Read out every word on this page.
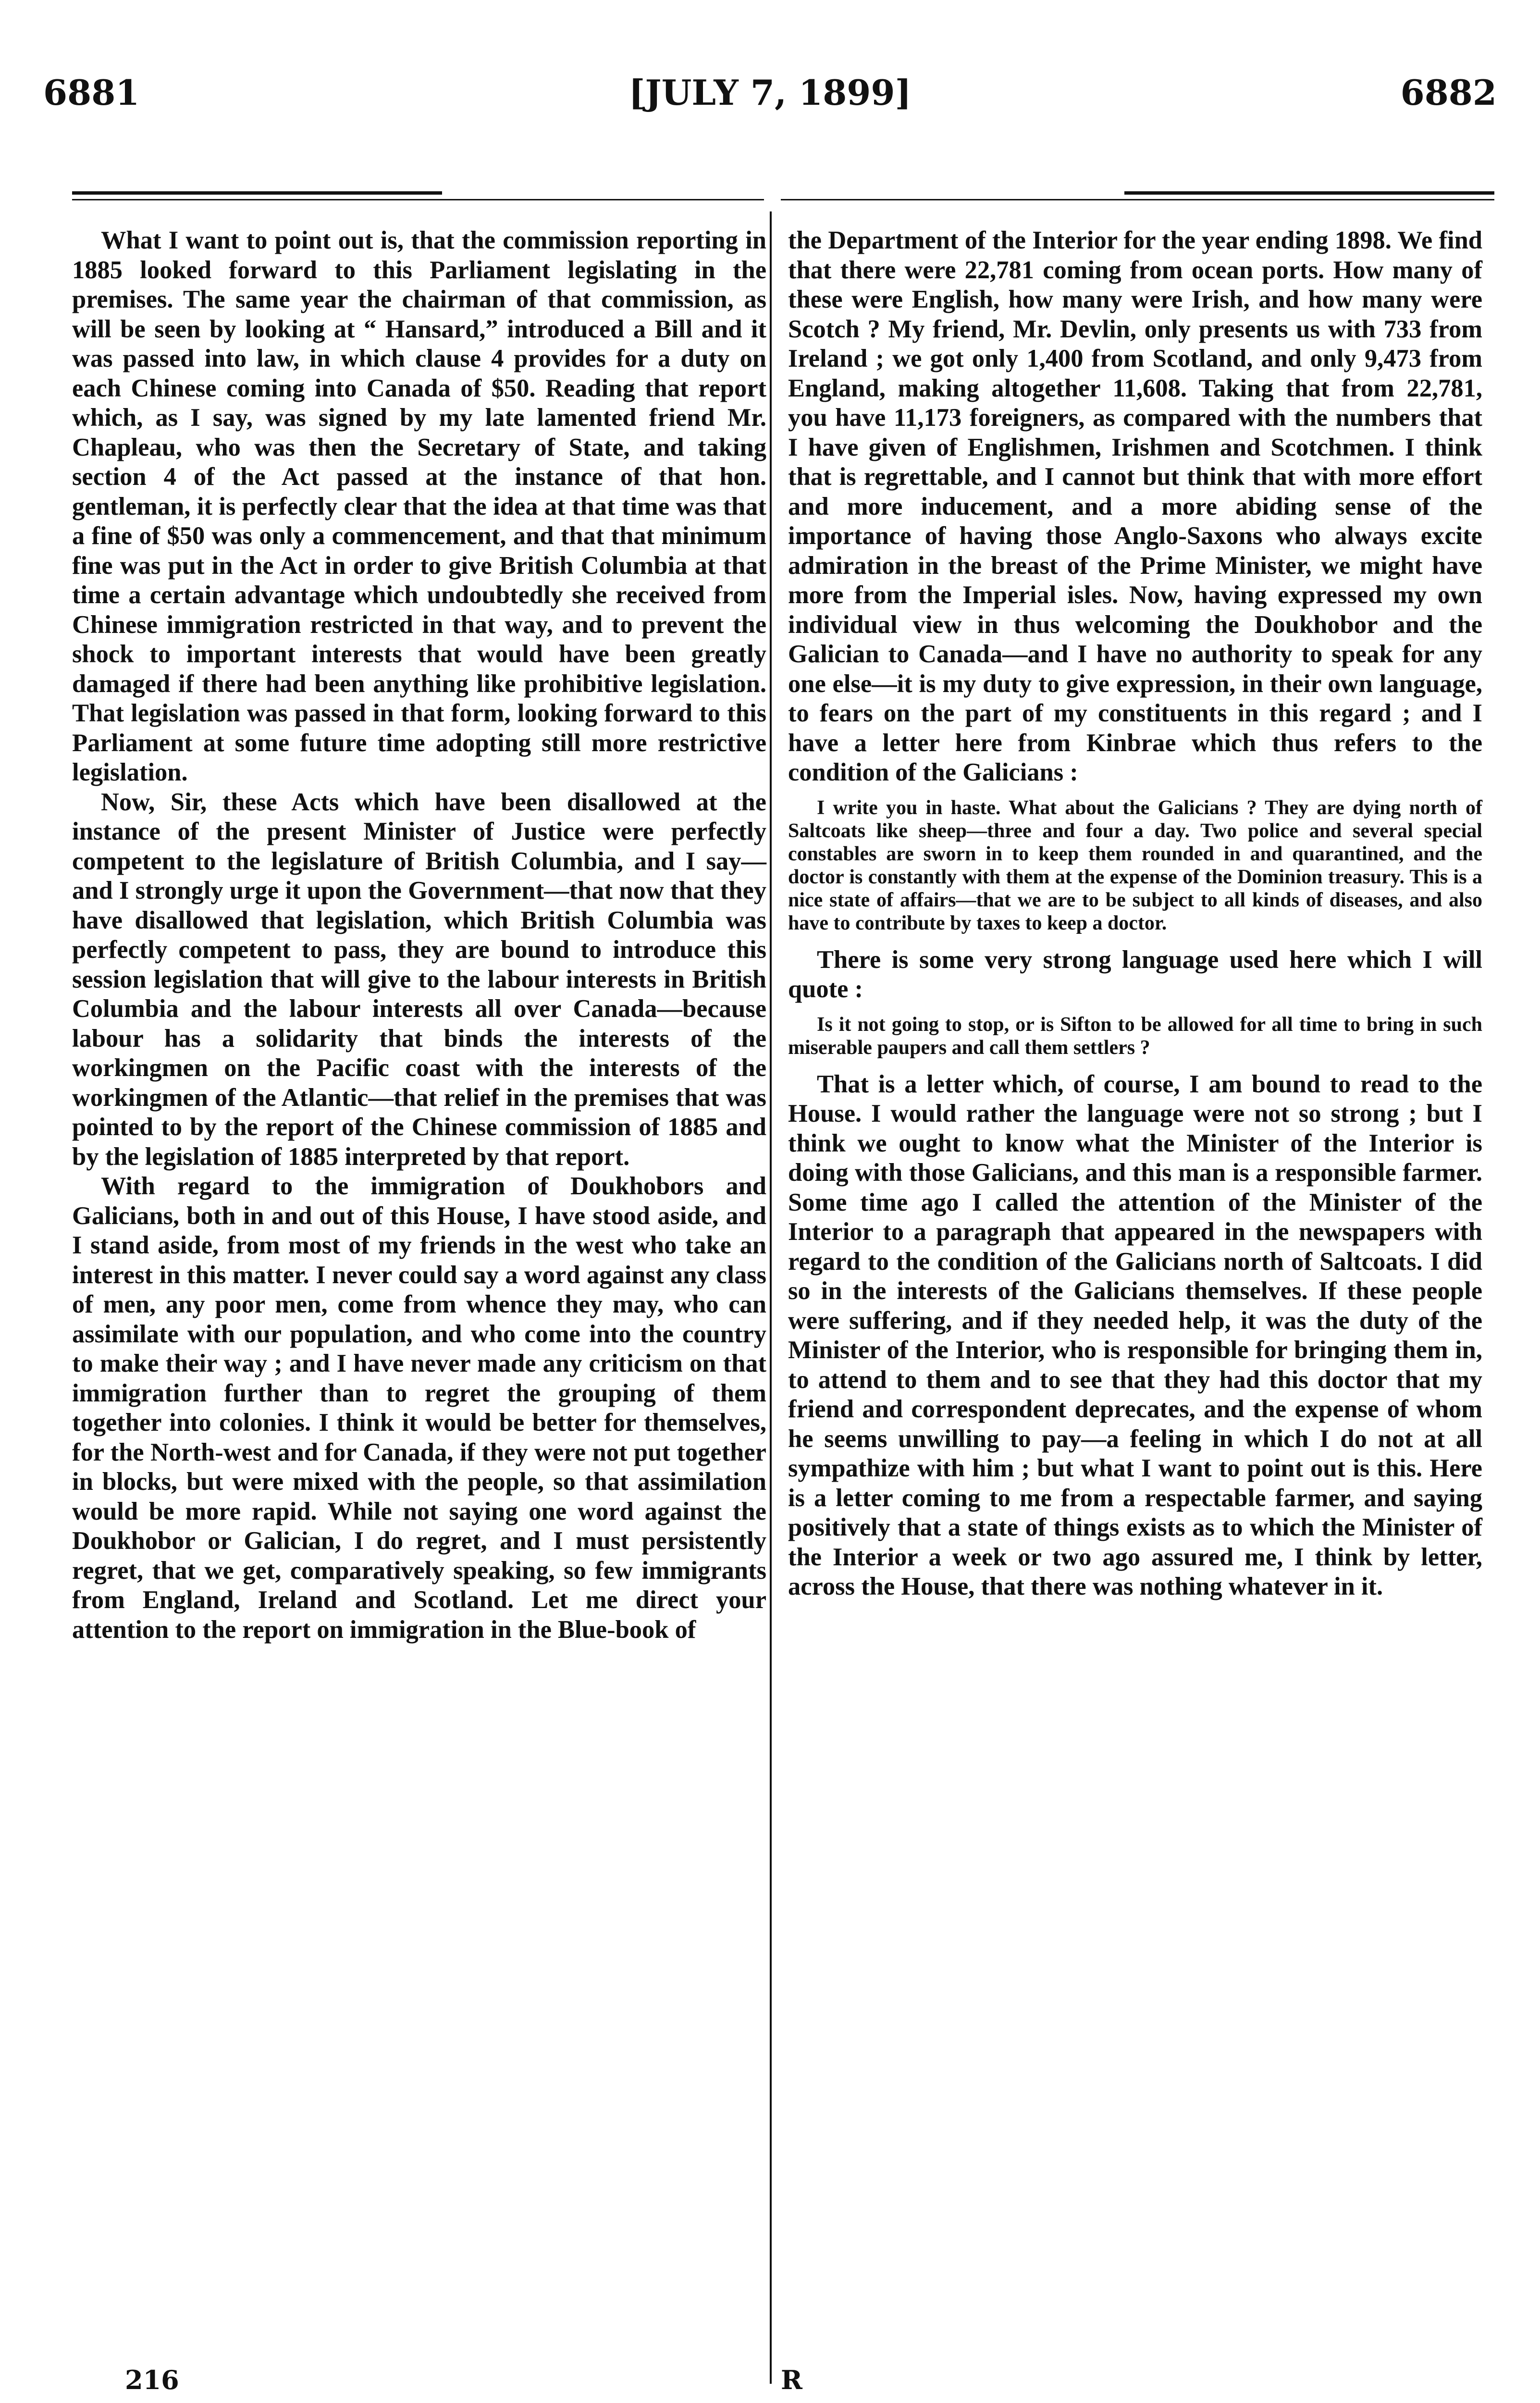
6881	[JULY 7, 1899]	6882

What I want to point out is, that the commission reporting in 1885 looked forward to this Parliament legislating in the premises. The same year the chairman of that commission, as will be seen by looking at “ Hansard,” introduced a Bill and it was passed into law, in which clause 4 provides for a duty on each Chinese coming into Canada of $50. Reading that report which, as I say, was signed by my late lamented friend Mr. Chapleau, who was then the Secretary of State, and taking section 4 of the Act passed at the instance of that hon. gentleman, it is perfectly clear that the idea at that time was that a fine of $50 was only a commencement, and that that minimum fine was put in the Act in order to give British Columbia at that time a certain advantage which undoubtedly she received from Chinese immigration restricted in that way, and to prevent the shock to important interests that would have been greatly damaged if there had been anything like prohibitive legislation. That legislation was passed in that form, looking forward to this Parliament at some future time adopting still more restrictive legislation.

Now, Sir, these Acts which have been disallowed at the instance of the present Minister of Justice were perfectly competent to the legislature of British Columbia, and I say—and I strongly urge it upon the Government—that now that they have disallowed that legislation, which British Columbia was perfectly competent to pass, they are bound to introduce this session legislation that will give to the labour interests in British Columbia and the labour interests all over Canada—because labour has a solidarity that binds the interests of the workingmen on the Pacific coast with the interests of the workingmen of the Atlantic—that relief in the premises that was pointed to by the report of the Chinese commission of 1885 and by the legislation of 1885 interpreted by that report.

With regard to the immigration of Doukhobors and Galicians, both in and out of this House, I have stood aside, and I stand aside, from most of my friends in the west who take an interest in this matter. I never could say a word against any class of men, any poor men, come from whence they may, who can assimilate with our population, and who come into the country to make their way ; and I have never made any criticism on that immigration further than to regret the grouping of them together into colonies. I think it would be better for themselves, for the North-west and for Canada, if they were not put together in blocks, but were mixed with the people, so that assimilation would be more rapid. While not saying one word against the Doukhobor or Galician, I do regret, and I must persistently regret, that we get, comparatively speaking, so few immigrants from England, Ireland and Scotland. Let me direct your attention to the report on immigration in the Blue-book of

the Department of the Interior for the year ending 1898. We find that there were 22,781 coming from ocean ports. How many of these were English, how many were Irish, and how many were Scotch ? My friend, Mr. Devlin, only presents us with 733 from Ireland ; we got only 1,400 from Scotland, and only 9,473 from England, making altogether 11,608. Taking that from 22,781, you have 11,173 foreigners, as compared with the numbers that I have given of Englishmen, Irishmen and Scotchmen. I think that is regrettable, and I cannot but think that with more effort and more inducement, and a more abiding sense of the importance of having those Anglo-Saxons who always excite admiration in the breast of the Prime Minister, we might have more from the Imperial isles. Now, having expressed my own individual view in thus welcoming the Doukhobor and the Galician to Canada—and I have no authority to speak for any one else—it is my duty to give expression, in their own language, to fears on the part of my constituents in this regard ; and I have a letter here from Kinbrae which thus refers to the condition of the Galicians :

I write you in haste. What about the Galicians ? They are dying north of Saltcoats like sheep—three and four a day. Two police and several special constables are sworn in to keep them rounded in and quarantined, and the doctor is constantly with them at the expense of the Dominion treasury. This is a nice state of affairs—that we are to be subject to all kinds of diseases, and also have to contribute by taxes to keep a doctor.

There is some very strong language used here which I will quote :

Is it not going to stop, or is Sifton to be allowed for all time to bring in such miserable paupers and call them settlers ?

That is a letter which, of course, I am bound to read to the House. I would rather the language were not so strong ; but I think we ought to know what the Minister of the Interior is doing with those Galicians, and this man is a responsible farmer. Some time ago I called the attention of the Minister of the Interior to a paragraph that appeared in the newspapers with regard to the condition of the Galicians north of Saltcoats. I did so in the interests of the Galicians themselves. If these people were suffering, and if they needed help, it was the duty of the Minister of the Interior, who is responsible for bringing them in, to attend to them and to see that they had this doctor that my friend and correspondent deprecates, and the expense of whom he seems unwilling to pay—a feeling in which I do not at all sympathize with him ; but what I want to point out is this. Here is a letter coming to me from a respectable farmer, and saying positively that a state of things exists as to which the Minister of the Interior a week or two ago assured me, I think by letter, across the House, that there was nothing whatever in it.

216	R
